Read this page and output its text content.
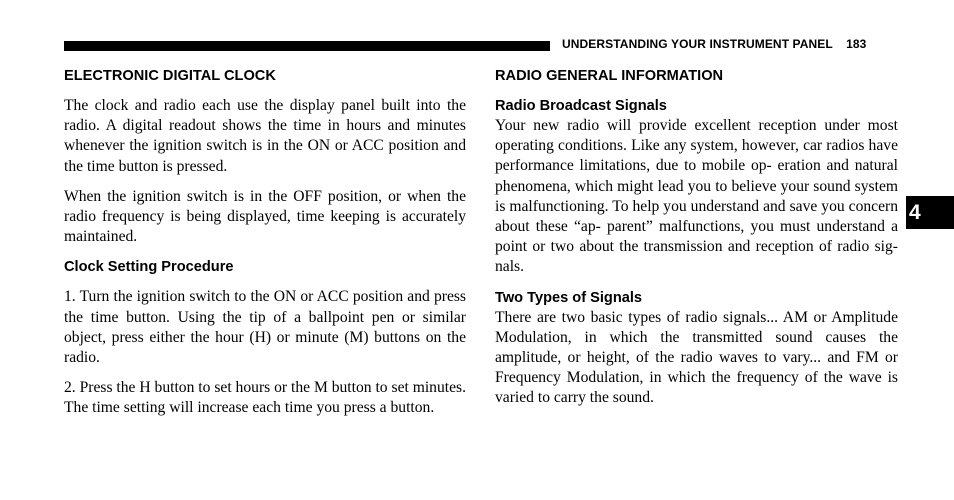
UNDERSTANDING YOUR INSTRUMENT PANEL 183
ELECTRONIC DIGITAL CLOCK

The clock and radio each use the display panel built into the radio. A digital readout shows the time in hours and minutes whenever the ignition switch is in the ON or ACC position and the time button is pressed.

When the ignition switch is in the OFF position, or when the radio frequency is being displayed, time keeping is accurately maintained.

Clock Setting Procedure

1. Turn the ignition switch to the ON or ACC position and press the time button. Using the tip of a ballpoint pen or similar object, press either the hour (H) or minute (M) buttons on the radio.

2. Press the H button to set hours or the M button to set minutes. The time setting will increase each time you press a button.

RADIO GENERAL INFORMATION
Radio Broadcast Signals

Your new radio will provide excellent reception under most operating conditions. Like any system, however, car radios have performance limitations, due to mobile op- eration and natural phenomena, which might lead you to believe your sound system is malfunctioning. To help you understand and save you concern about these “ap- parent” malfunctions, you must understand a point or two about the transmission and reception of radio sig- nals.

Two Types of Signals

There are two basic types of radio signals... AM or Amplitude Modulation, in which the transmitted sound causes the amplitude, or height, of the radio waves to vary... and FM or Frequency Modulation, in which the frequency of the wave is varied to carry the sound.

4
